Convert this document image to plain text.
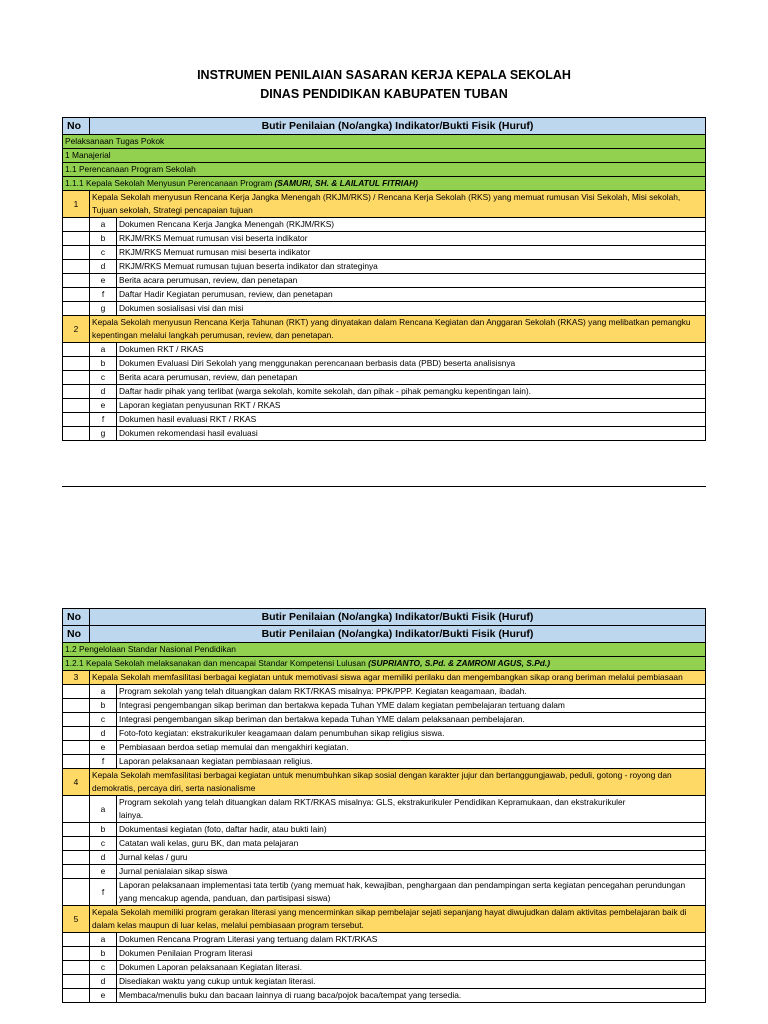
INSTRUMEN PENILAIAN SASARAN KERJA KEPALA SEKOLAH
DINAS PENDIDIKAN KABUPATEN TUBAN
No	Butir Penilaian (No/angka) Indikator/Bukti Fisik (Huruf)	
Pelaksanaan Tugas Pokok		
1 Manajerial		
1.1 Perencanaan Program Sekolah		
1.1.1 Kepala Sekolah Menyusun Perencanaan Program (SAMURI, SH. & LAILATUL FITRIAH)		
1	Kepala Sekolah menyusun Rencana Kerja Jangka Menengah (RKJM/RKS) / Rencana Kerja Sekolah (RKS) yang memuat rumusan Visi Sekolah, Misi sekolah, Tujuan sekolah, Strategi pencapaian tujuan	
	a	Dokumen Rencana Kerja Jangka Menengah (RKJM/RKS)
	b	RKJM/RKS Memuat rumusan visi beserta indikator
	c	RKJM/RKS Memuat rumusan misi beserta indikator
	d	RKJM/RKS Memuat rumusan tujuan beserta indikator dan strateginya
	e	Berita acara perumusan, review, dan penetapan
	f	Daftar Hadir Kegiatan perumusan, review, dan penetapan
	g	Dokumen sosialisasi visi dan misi
2	Kepala Sekolah menyusun Rencana Kerja Tahunan (RKT) yang dinyatakan dalam Rencana Kegiatan dan Anggaran Sekolah (RKAS) yang melibatkan pemangku kepentingan melalui langkah perumusan, review, dan penetapan.	
	a	Dokumen RKT / RKAS
	b	Dokumen Evaluasi Diri Sekolah yang menggunakan perencanaan berbasis data (PBD) beserta analisisnya
	c	Berita acara perumusan, review, dan penetapan
	d	Daftar hadir pihak yang terlibat (warga sekolah, komite sekolah, dan pihak - pihak pemangku kepentingan lain).
	e	Laporan kegiatan penyusunan RKT / RKAS
	f	Dokumen hasil evaluasi RKT / RKAS
	g	Dokumen rekomendasi hasil evaluasi
No	Butir Penilaian (No/angka) Indikator/Bukti Fisik (Huruf)	
No	Butir Penilaian (No/angka) Indikator/Bukti Fisik (Huruf)	
1.2 Pengelolaan Standar Nasional Pendidikan		
1.2.1 Kepala Sekolah melaksanakan dan mencapai Standar Kompetensi Lulusan (SUPRIANTO, S.Pd. & ZAMRONI AGUS, S.Pd.)		
3	Kepala Sekolah memfasilitasi berbagai kegiatan untuk memotivasi siswa agar memiliki perilaku dan mengembangkan sikap orang beriman melalui pembiasaan	
	a	Program sekolah yang telah dituangkan dalam RKT/RKAS misalnya: PPK/PPP. Kegiatan keagamaan, ibadah.
	b	Integrasi pengembangan sikap beriman dan bertakwa kepada Tuhan YME dalam kegiatan pembelajaran tertuang dalam
	c	Integrasi pengembangan sikap beriman dan bertakwa kepada Tuhan YME dalam pelaksanaan pembelajaran.
	d	Foto-foto kegiatan: ekstrakurikuler keagamaan dalam penumbuhan sikap religius siswa.
	e	Pembiasaan berdoa setiap memulai dan mengakhiri kegiatan.
	f	Laporan pelaksanaan kegiatan pembiasaan religius.
4	Kepala Sekolah memfasilitasi berbagai kegiatan untuk menumbuhkan sikap sosial dengan karakter jujur dan bertanggungjawab, peduli, gotong - royong dan demokratis, percaya diri, serta nasionalisme	
	a	Program sekolah yang telah dituangkan dalam RKT/RKAS misalnya: GLS, ekstrakurikuler Pendidikan Kepramukaan, dan ekstrakurikuler lainya.
	b	Dokumentasi kegiatan (foto, daftar hadir, atau bukti lain)
	c	Catatan wali kelas, guru BK, dan mata pelajaran
	d	Jurnal kelas / guru
	e	Jurnal penialaian sikap siswa
	f	Laporan pelaksanaan implementasi tata tertib (yang memuat hak, kewajiban, penghargaan dan pendampingan serta kegiatan pencegahan perundungan yang mencakup agenda, panduan, dan partisipasi siswa)
5	Kepala Sekolah memiliki program gerakan literasi yang mencerminkan sikap pembelajar sejati sepanjang hayat diwujudkan dalam aktivitas pembelajaran baik di dalam kelas maupun di luar kelas, melalui pembiasaan program tersebut.	
	a	Dokumen Rencana Program Literasi yang tertuang dalam RKT/RKAS
	b	Dokumen Penilaian Program literasi
	c	Dokumen Laporan pelaksanaan Kegiatan literasi.
	d	Disediakan waktu yang cukup untuk kegiatan literasi.
	e	Membaca/menulis buku dan bacaan lainnya di ruang baca/pojok baca/tempat yang tersedia.
